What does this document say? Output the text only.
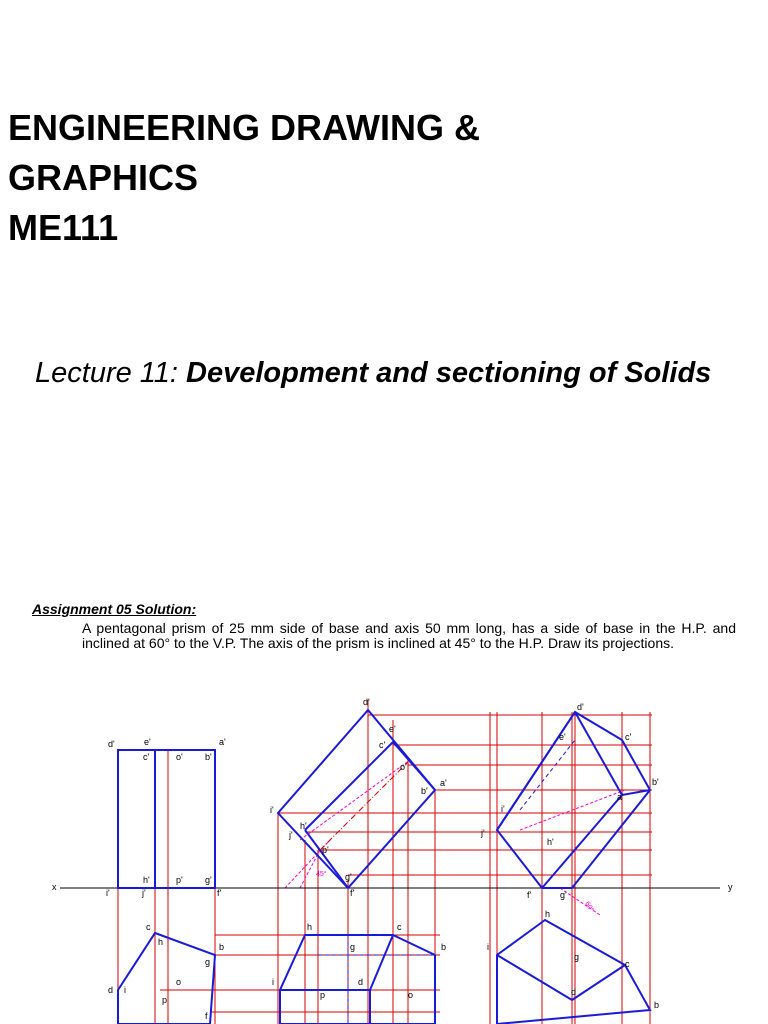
ENGINEERING DRAWING &
GRAPHICS
ME111
Lecture 11: Development and sectioning of Solids
Assignment 05 Solution:
A pentagonal prism of 25 mm side of base and axis 50 mm long, has a side of base in the H.P. and inclined at 60° to the V.P. The axis of the prism is inclined at 45° to the H.P. Draw its projections.
x	y
d'	e'	a'
c'	o' b'
h'	p' g'
i'	j'	f'
c
h	b
g
d i
o
p
f
d'
e'
c'
o'
a'
b'
i'
h'
j'
p'
g'
f'
h	c
g	b
i	d
p	o
d'
e'	c'
b'
a'
i'
j'
h'
f'	g'
h
i
g
c
d
b
45°
60°
